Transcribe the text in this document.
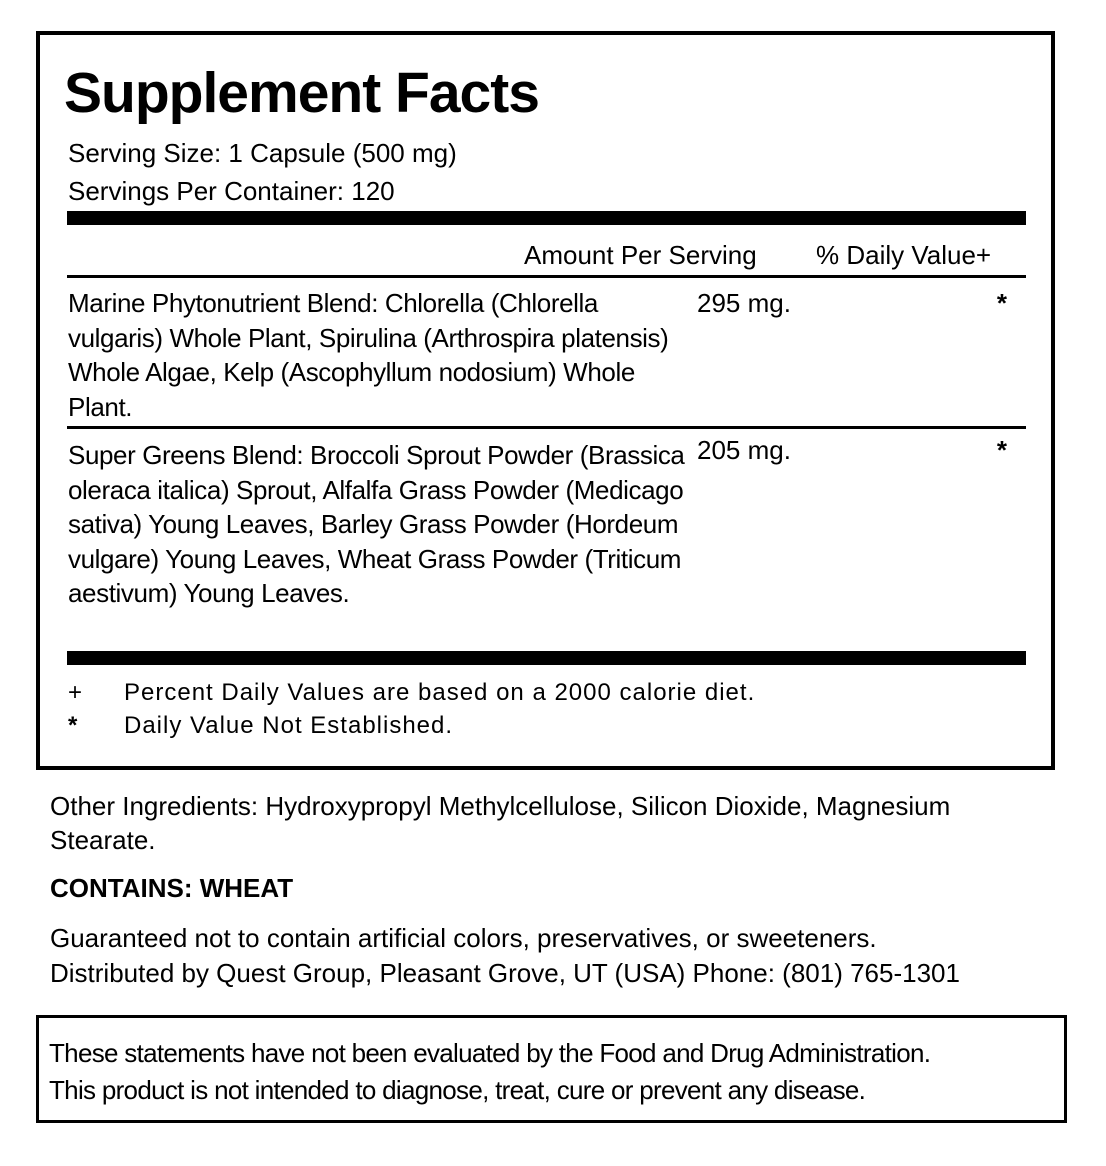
Supplement Facts
Serving Size: 1 Capsule (500 mg)
Servings Per Container: 120
Amount Per Serving % Daily Value+
Marine Phytonutrient Blend: Chlorella (Chlorella vulgaris) Whole Plant, Spirulina (Arthrospira platensis) Whole Algae, Kelp (Ascophyllum nodosium) Whole Plant.
295 mg.	*
Super Greens Blend: Broccoli Sprout Powder (Brassica oleraca italica) Sprout, Alfalfa Grass Powder (Medicago sativa) Young Leaves, Barley Grass Powder (Hordeum vulgare) Young Leaves, Wheat Grass Powder (Triticum aestivum) Young Leaves.
205 mg.	*
+ Percent Daily Values are based on a 2000 calorie diet.
* Daily Value Not Established.
Other Ingredients: Hydroxypropyl Methylcellulose, Silicon Dioxide, Magnesium Stearate.
CONTAINS: WHEAT
Guaranteed not to contain artificial colors, preservatives, or sweeteners.
Distributed by Quest Group, Pleasant Grove, UT (USA) Phone: (801) 765-1301
These statements have not been evaluated by the Food and Drug Administration.
This product is not intended to diagnose, treat, cure or prevent any disease.
